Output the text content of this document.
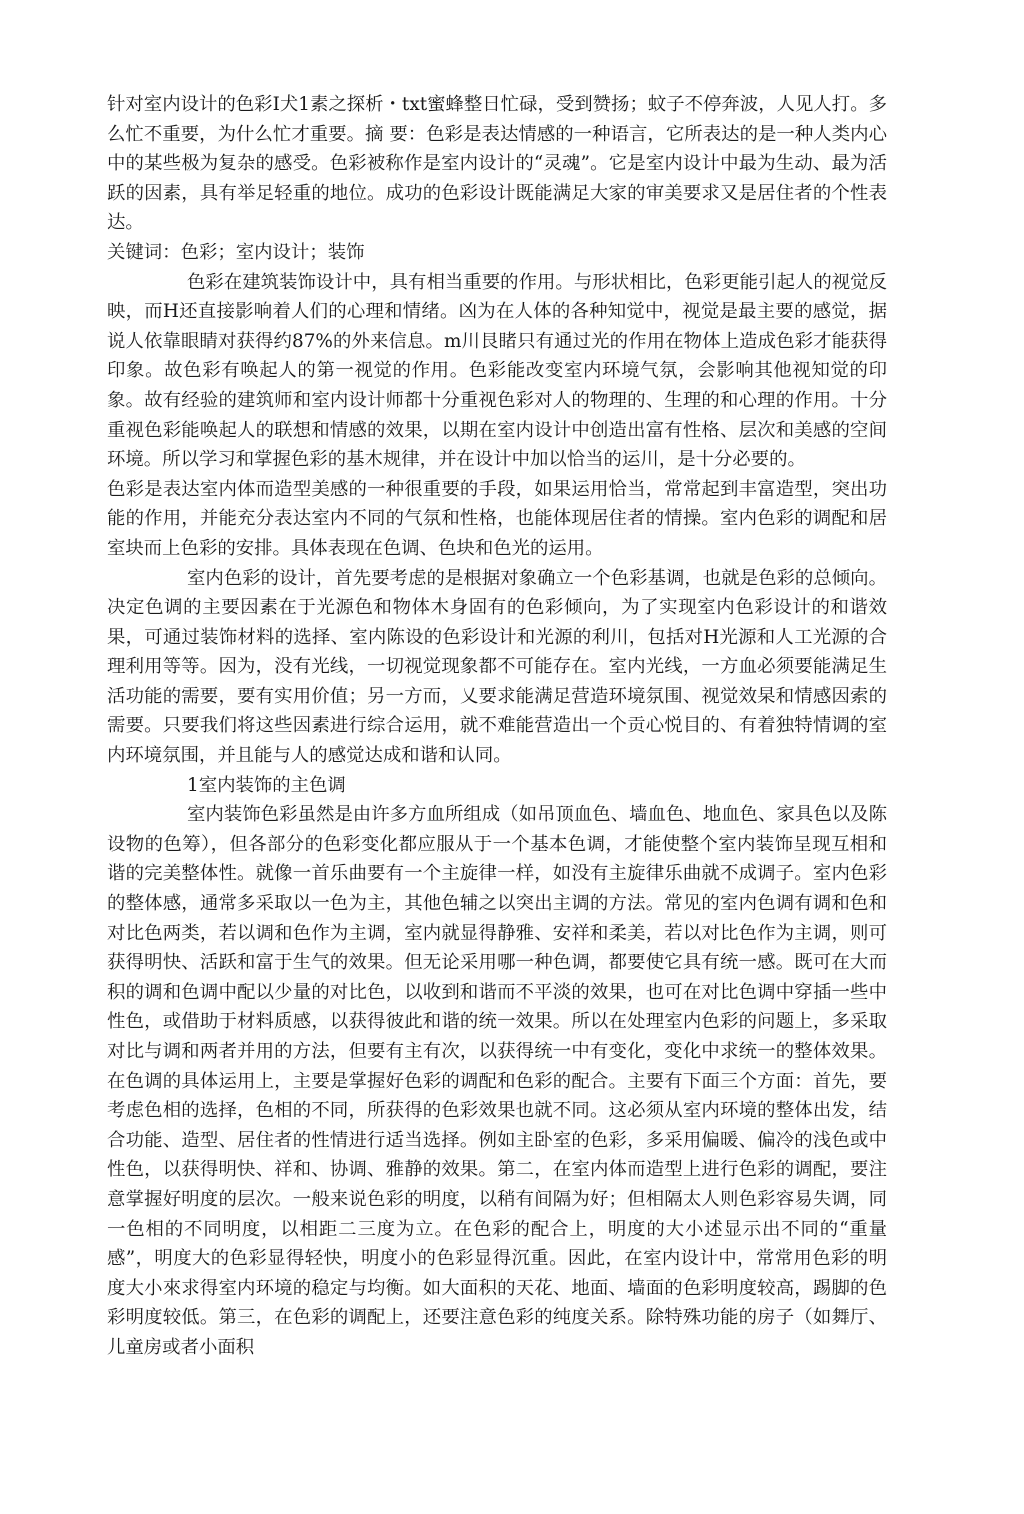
针对室内设计的色彩I犬1素之探析・txt蜜蜂整日忙碌，受到赞扬；蚊子不停奔波，人见人打。多么忙不重要，为什么忙才重要。摘 要：色彩是表达情感的一种语言，它所表达的是一种人类内心中的某些极为复杂的感受。色彩被称作是室内设计的“灵魂”。它是室内设计中最为生动、最为活跃的因素，具有举足轻重的地位。成功的色彩设计既能满足大家的审美要求又是居住者的个性表达。

关键词：色彩；室内设计；装饰

色彩在建筑装饰设计中，具有相当重要的作用。与形状相比，色彩更能引起人的视觉反映，而H还直接影响着人们的心理和情绪。凶为在人体的各种知觉中，视觉是最主要的感觉，据说人依靠眼睛对获得约87%的外来信息。m川艮睹只有通过光的作用在物体上造成色彩才能获得印象。故色彩有唤起人的第一视觉的作用。色彩能改变室内环境气氛，会影响其他视知觉的印象。故有经验的建筑师和室内设计师都十分重视色彩对人的物理的、生理的和心理的作用。十分重视色彩能唤起人的联想和情感的效果，以期在室内设计中创造出富有性格、层次和美感的空间环境。所以学习和掌握色彩的基木规律，并在设计中加以恰当的运川，是十分必要的。

色彩是表达室内体而造型美感的一种很重要的手段，如果运用恰当，常常起到丰富造型，突出功能的作用，并能充分表达室内不同的气氛和性格，也能体现居住者的情操。室内色彩的调配和居室块而上色彩的安排。具体表现在色调、色块和色光的运用。

室内色彩的设计，首先要考虑的是根据对象确立一个色彩基调，也就是色彩的总倾向。决定色调的主要因素在于光源色和物体木身固有的色彩倾向，为了实现室内色彩设计的和谐效果，可通过装饰材料的选择、室内陈设的色彩设计和光源的利川，包括对H光源和人工光源的合理利用等等。因为，没有光线，一切视觉现象都不可能存在。室内光线，一方血必须要能满足生活功能的需要，要有实用价值；另一方而，乂要求能满足营造环境氛围、视觉效杲和情感因索的需要。只要我们将这些因素进行综合运用，就不难能营造出一个贡心悦目的、有着独特情调的室内环境氛围，并且能与人的感觉达成和谐和认同。

1室内装饰的主色调

室内装饰色彩虽然是由许多方血所组成（如吊顶血色、墙血色、地血色、家具色以及陈设物的色筹），但各部分的色彩变化都应服从于一个基本色调，才能使整个室内装饰呈现互相和谐的完美整体性。就像一首乐曲要有一个主旋律一样，如没有主旋律乐曲就不成调子。室内色彩的整体感，通常多采取以一色为主，其他色辅之以突出主调的方法。常见的室内色调有调和色和对比色两类，若以调和色作为主调，室内就显得静雅、安祥和柔美，若以对比色作为主调，则可获得明快、活跃和富于生气的效果。但无论采用哪一种色调，都要使它具有统一感。既可在大而积的调和色调中配以少量的对比色，以收到和谐而不平淡的效果，也可在对比色调中穿插一些中性色，或借助于材料质感，以获得彼此和谐的统一效果。所以在处理室内色彩的问题上，多采取对比与调和两者并用的方法，但要有主有次，以获得统一中有变化，变化中求统一的整体效果。在色调的具体运用上，主要是掌握好色彩的调配和色彩的配合。主要有下面三个方面：首先，要考虑色相的选择，色相的不同，所获得的色彩效果也就不同。这必须从室内环境的整体出发，结合功能、造型、居住者的性情进行适当选择。例如主卧室的色彩，多采用偏暖、偏冷的浅色或中性色，以获得明快、祥和、协调、雅静的效果。第二，在室内体而造型上进行色彩的调配，要注意掌握好明度的层次。一般来说色彩的明度，以稍有间隔为好；但相隔太人则色彩容易失调，同一色相的不同明度，以相距二三度为立。在色彩的配合上，明度的大小述显示出不同的“重量感”，明度大的色彩显得轻快，明度小的色彩显得沉重。因此，在室内设计中，常常用色彩的明度大小來求得室内环境的稳定与均衡。如大面积的天花、地面、墙面的色彩明度较高，踢脚的色彩明度较低。第三，在色彩的调配上，还要注意色彩的纯度关系。除特殊功能的房子（如舞厅、儿童房或者小面积
